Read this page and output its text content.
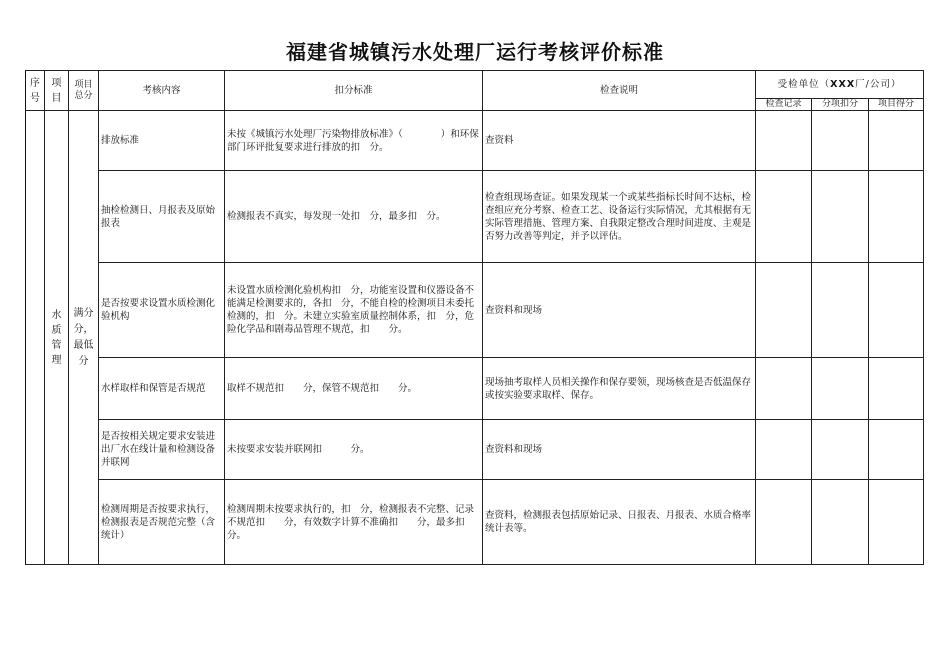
福建省城镇污水处理厂运行考核评价标准
序号	项目	项目总分	考核内容	扣分标准	检查说明	受检单位（XXX厂/公司）		
						检查记录	分项扣分	项目得分
	水质管理	满分　分，最低　分	排放标准	未按《城镇污水处理厂污染物排放标准》（　　　　）和环保部门环评批复要求进行排放的扣　分。	查资料			
			抽检检测日、月报表及原始报表	检测报表不真实，每发现一处扣　分，最多扣　分。	检查组现场查证。如果发现某一个或某些指标长时间不达标，检查组应充分考察、检查工艺、设备运行实际情况，尤其根据有无实际管理措施、管理方案、自我限定整改合理时间进度、主观是否努力改善等判定，并予以评估。			
			是否按要求设置水质检测化验机构	未设置水质检测化验机构扣　分，功能室设置和仪器设备不能满足检测要求的，各扣　分，不能自检的检测项目未委托检测的，扣　分。未建立实验室质量控制体系，扣　分，危险化学品和剧毒品管理不规范，扣　　分。	查资料和现场			
			水样取样和保管是否规范	取样不规范扣　　分，保管不规范扣　　分。	现场抽考取样人员相关操作和保存要领，现场核查是否低温保存或按实验要求取样、保存。			
			是否按相关规定要求安装进出厂水在线计量和检测设备并联网	未按要求安装并联网扣　　　分。	查资料和现场			
			检测周期是否按要求执行，检测报表是否规范完整（含统计）	检测周期未按要求执行的，扣　分，检测报表不完整、记录不规范扣　　分，有效数字计算不准确扣　　分，最多扣　分。	查资料，检测报表包括原始记录、日报表、月报表、水质合格率统计表等。			
